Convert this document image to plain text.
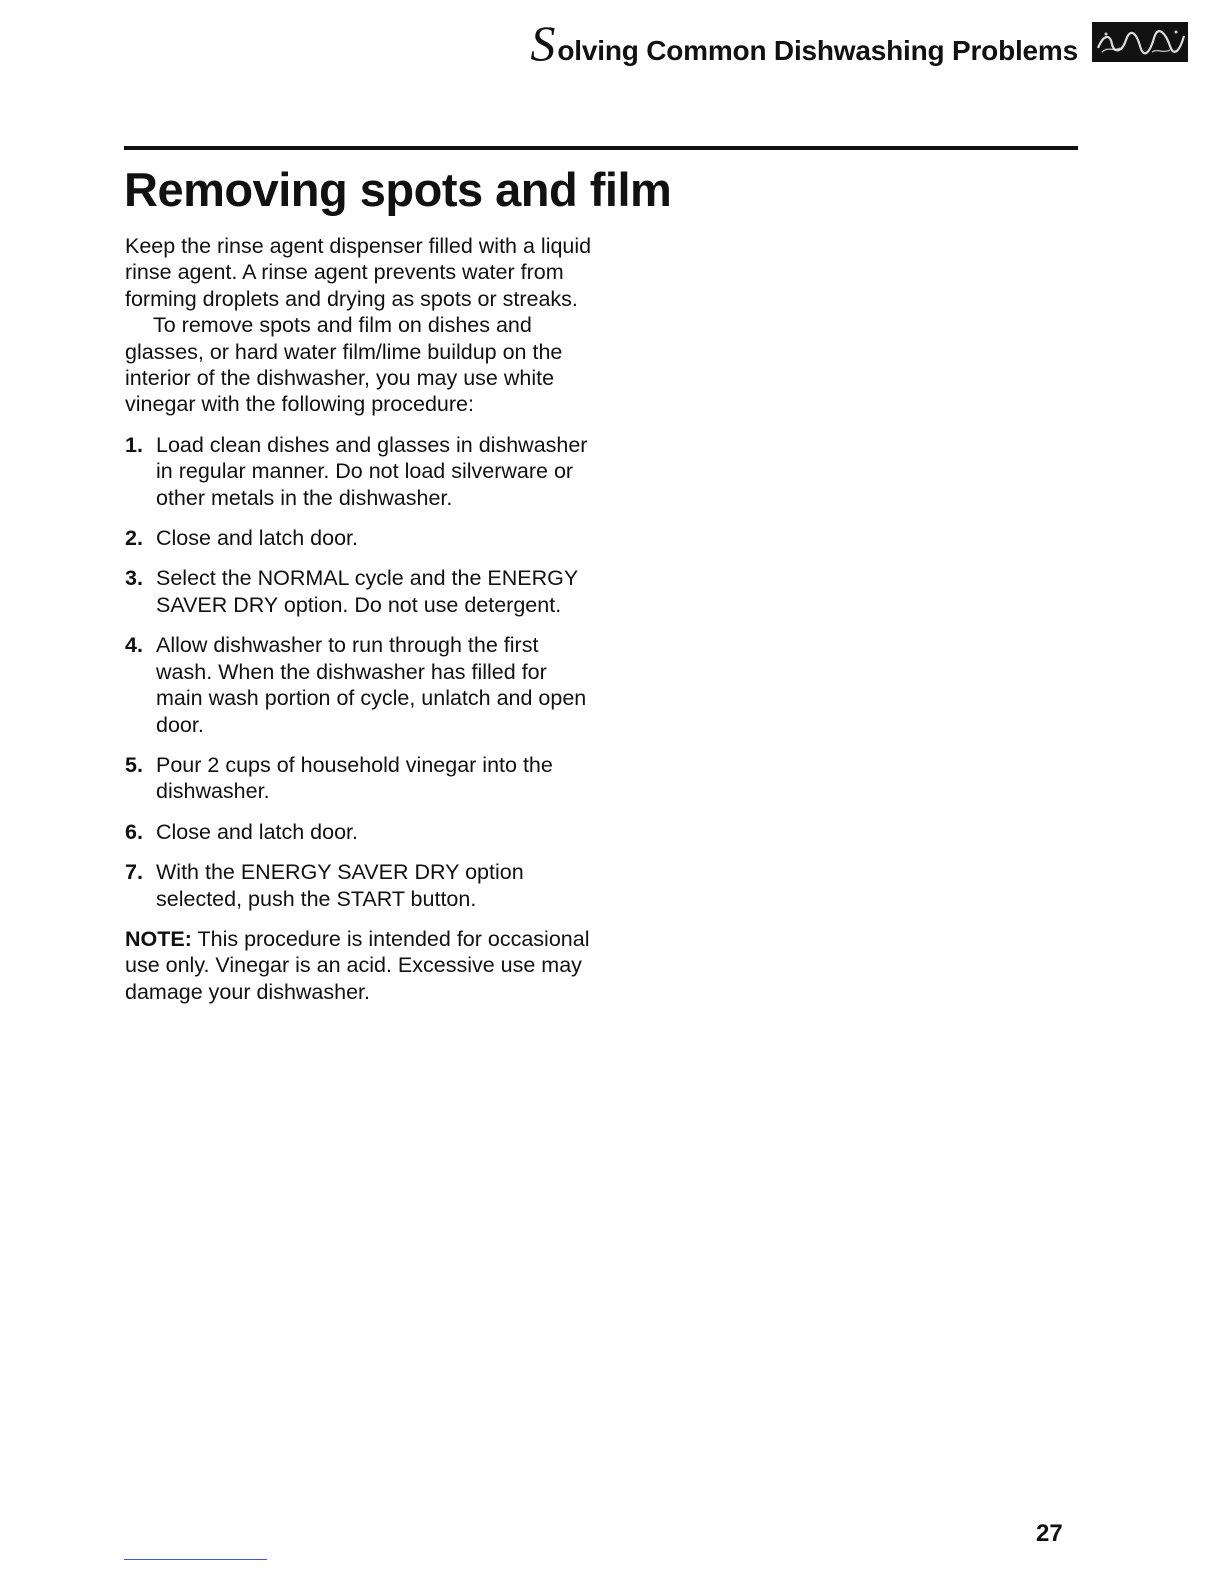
S olving Common Dishwashing Problems
Removing spots and film

Keep the rinse agent dispenser filled with a liquid rinse agent. A rinse agent prevents water from forming droplets and drying as spots or streaks.

To remove spots and film on dishes and glasses, or hard water film/lime buildup on the interior of the dishwasher, you may use white vinegar with the following procedure:

1. Load clean dishes and glasses in dishwasher in regular manner. Do not load silverware or other metals in the dishwasher.
2. Close and latch door.
3. Select the NORMAL cycle and the ENERGY SAVER DRY option. Do not use detergent.
4. Allow dishwasher to run through the first wash. When the dishwasher has filled for main wash portion of cycle, unlatch and open door.
5. Pour 2 cups of household vinegar into the dishwasher.
6. Close and latch door.
7. With the ENERGY SAVER DRY option selected, push the START button.

NOTE: This procedure is intended for occasional use only. Vinegar is an acid. Excessive use may damage your dishwasher.

27
